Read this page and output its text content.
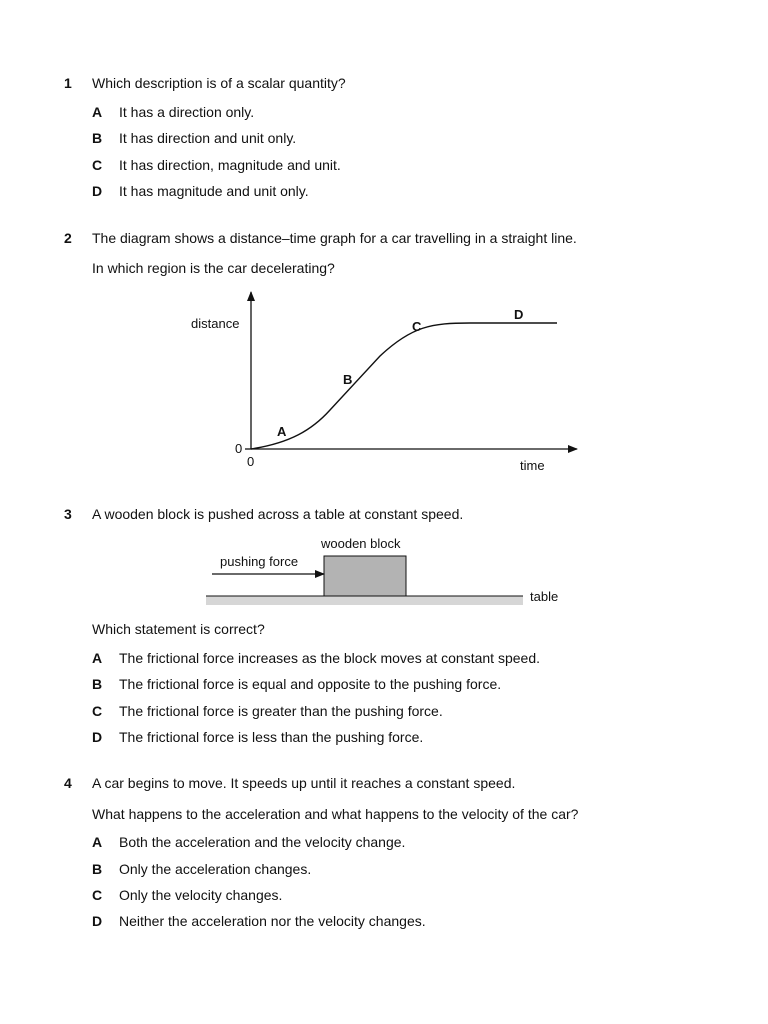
1 Which description is of a scalar quantity?
A It has a direction only.
B It has direction and unit only.
C It has direction, magnitude and unit.
D It has magnitude and unit only.
2 The diagram shows a distance–time graph for a car travelling in a straight line.
In which region is the car decelerating?
distance
time
0
0
A
B
C
D
pushing force
wooden block
table
3 A wooden block is pushed across a table at constant speed.
Which statement is correct?
A The frictional force increases as the block moves at constant speed.
B The frictional force is equal and opposite to the pushing force.
C The frictional force is greater than the pushing force.
D The frictional force is less than the pushing force.
4 A car begins to move. It speeds up until it reaches a constant speed.
What happens to the acceleration and what happens to the velocity of the car?
A Both the acceleration and the velocity change.
B Only the acceleration changes.
C Only the velocity changes.
D Neither the acceleration nor the velocity changes.
